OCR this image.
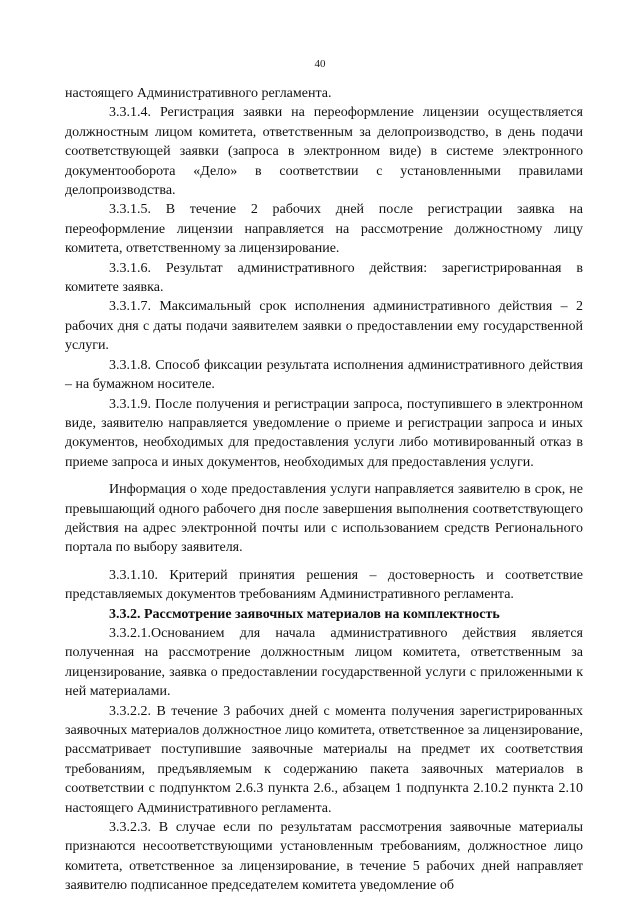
40

настоящего Административного регламента.

3.3.1.4. Регистрация заявки на переоформление лицензии осуществляется должностным лицом комитета, ответственным за делопроизводство, в день подачи соответствующей заявки (запроса в электронном виде) в системе электронного документооборота «Дело» в соответствии с установленными правилами делопроизводства.

3.3.1.5. В течение 2 рабочих дней после регистрации заявка на переоформление лицензии направляется на рассмотрение должностному лицу комитета, ответственному за лицензирование.

3.3.1.6. Результат административного действия: зарегистрированная в комитете заявка.

3.3.1.7. Максимальный срок исполнения административного действия – 2 рабочих дня с даты подачи заявителем заявки о предоставлении ему государственной услуги.

3.3.1.8. Способ фиксации результата исполнения административного действия – на бумажном носителе.

3.3.1.9. После получения и регистрации запроса, поступившего в электронном виде, заявителю направляется уведомление о приеме и регистрации запроса и иных документов, необходимых для предоставления услуги либо мотивированный отказ в приеме запроса и иных документов, необходимых для предоставления услуги.

Информация о ходе предоставления услуги направляется заявителю в срок, не превышающий одного рабочего дня после завершения выполнения соответствующего действия на адрес электронной почты или с использованием средств Регионального портала по выбору заявителя.

3.3.1.10. Критерий принятия решения – достоверность и соответствие представляемых документов требованиям Административного регламента.

3.3.2. Рассмотрение заявочных материалов на комплектность

3.3.2.1.Основанием для начала административного действия является полученная на рассмотрение должностным лицом комитета, ответственным за лицензирование, заявка о предоставлении государственной услуги с приложенными к ней материалами.

3.3.2.2. В течение 3 рабочих дней с момента получения зарегистрированных заявочных материалов должностное лицо комитета, ответственное за лицензирование, рассматривает поступившие заявочные материалы на предмет их соответствия требованиям, предъявляемым к содержанию пакета заявочных материалов в соответствии с подпунктом 2.6.3 пункта 2.6., абзацем 1 подпункта 2.10.2 пункта 2.10 настоящего Административного регламента.

3.3.2.3. В случае если по результатам рассмотрения заявочные материалы признаются несоответствующими установленным требованиям, должностное лицо комитета, ответственное за лицензирование, в течение 5 рабочих дней направляет заявителю подписанное председателем комитета уведомление об
